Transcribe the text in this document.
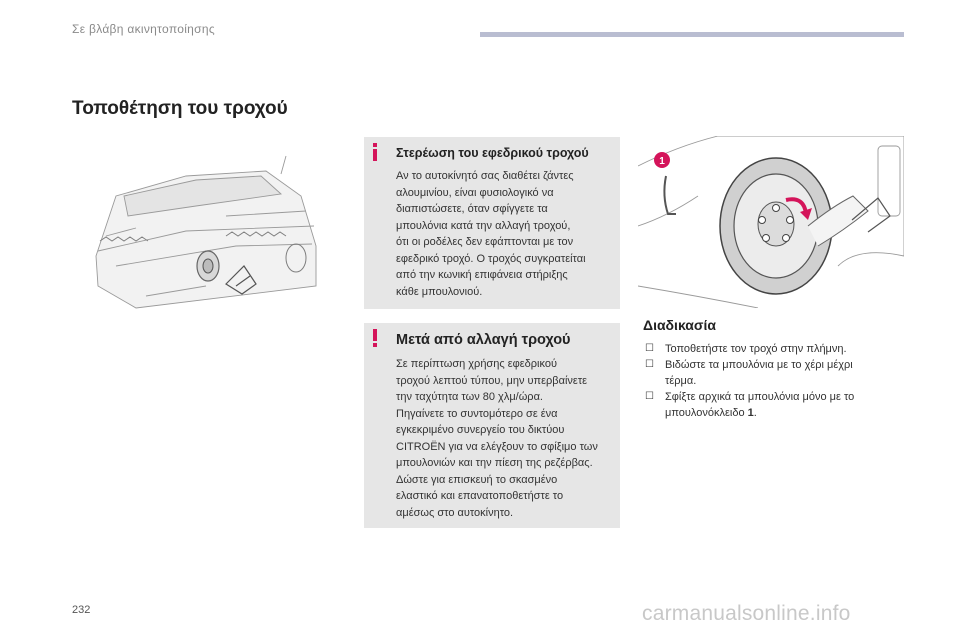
Σε βλάβη ακινητοποίησης
Τοποθέτηση του τροχού
1
Στερέωση του εφεδρικού τροχού
Αν το αυτοκίνητό σας διαθέτει ζάντες
αλουμινίου, είναι φυσιολογικό να
διαπιστώσετε, όταν σφίγγετε τα
μπουλόνια κατά την αλλαγή τροχού,
ότι οι ροδέλες δεν εφάπτονται με τον
εφεδρικό τροχό. Ο τροχός συγκρατείται
από την κωνική επιφάνεια στήριξης
κάθε μπουλονιού.
Μετά από αλλαγή τροχού
Σε περίπτωση χρήσης εφεδρικού
τροχού λεπτού τύπου, μην υπερβαίνετε
την ταχύτητα των 80 χλμ/ώρα.
Πηγαίνετε το συντομότερο σε ένα
εγκεκριμένο συνεργείο του δικτύου
CITROËN για να ελέγξουν το σφίξιμο των
μπουλονιών και την πίεση της ρεζέρβας.
Δώστε για επισκευή το σκασμένο
ελαστικό και επανατοποθετήστε το
αμέσως στο αυτοκίνητο.
Διαδικασία
☐ Τοποθετήστε τον τροχό στην πλήμνη.
☐ Βιδώστε τα μπουλόνια με το χέρι μέχρι
τέρμα.
☐ Σφίξτε αρχικά τα μπουλόνια μόνο με το
μπουλονόκλειδο 1.
232	carmanualsonline.info
